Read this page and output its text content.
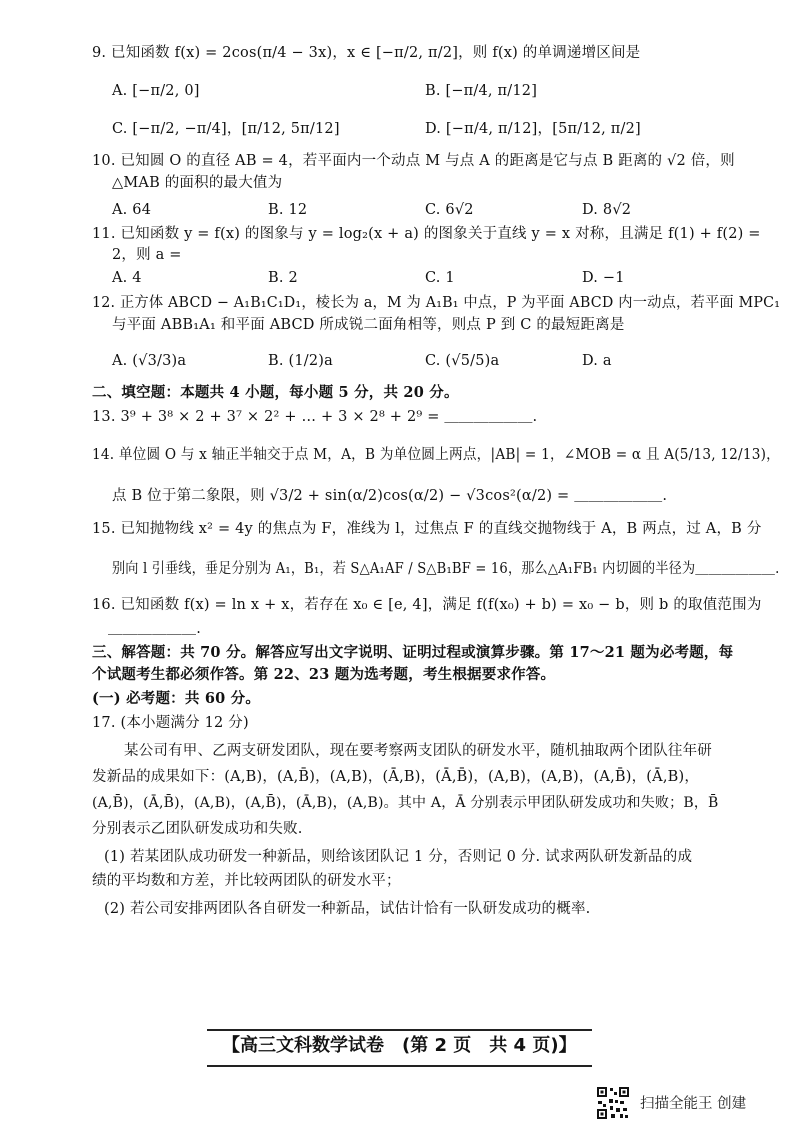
9. 已知函数 f(x) = 2cos(π/4 − 3x)，x ∈ [−π/2, π/2]，则 f(x) 的单调递增区间是
A. [−π/2, 0]	B. [−π/4, π/12]
C. [−π/2, −π/4]，[π/12, 5π/12]	D. [−π/4, π/12]，[5π/12, π/2]
10. 已知圆 O 的直径 AB = 4，若平面内一个动点 M 与点 A 的距离是它与点 B 距离的 √2 倍，则
△MAB 的面积的最大值为
A. 64	B. 12	C. 6√2	D. 8√2
11. 已知函数 y = f(x) 的图象与 y = log₂(x + a) 的图象关于直线 y = x 对称，且满足 f(1) + f(2) =
2，则 a =
A. 4	B. 2	C. 1	D. −1
12. 正方体 ABCD − A₁B₁C₁D₁，棱长为 a，M 为 A₁B₁ 中点，P 为平面 ABCD 内一动点，若平面 MPC₁
与平面 ABB₁A₁ 和平面 ABCD 所成锐二面角相等，则点 P 到 C 的最短距离是
A. (√3/3)a	B. (1/2)a	C. (√5/5)a	D. a
二、填空题：本题共 4 小题，每小题 5 分，共 20 分。
13. 3⁹ + 3⁸ × 2 + 3⁷ × 2² + … + 3 × 2⁸ + 2⁹ = ＿＿＿＿＿＿.
14. 单位圆 O 与 x 轴正半轴交于点 M，A，B 为单位圆上两点，|AB| = 1，∠MOB = α 且 A(5/13, 12/13)，
点 B 位于第二象限，则 √3/2 + sin(α/2)cos(α/2) − √3cos²(α/2) = ＿＿＿＿＿＿.
15. 已知抛物线 x² = 4y 的焦点为 F，准线为 l，过焦点 F 的直线交抛物线于 A，B 两点，过 A，B 分
别向 l 引垂线，垂足分别为 A₁，B₁，若 S△A₁AF / S△B₁BF = 16，那么△A₁FB₁ 内切圆的半径为＿＿＿＿＿＿.
16. 已知函数 f(x) = ln x + x，若存在 x₀ ∈ [e, 4]，满足 f(f(x₀) + b) = x₀ − b，则 b 的取值范围为
＿＿＿＿＿＿.
三、解答题：共 70 分。解答应写出文字说明、证明过程或演算步骤。第 17～21 题为必考题，每
个试题考生都必须作答。第 22、23 题为选考题，考生根据要求作答。
(一) 必考题：共 60 分。
17. (本小题满分 12 分)
某公司有甲、乙两支研发团队，现在要考察两支团队的研发水平，随机抽取两个团队往年研
发新品的成果如下：(A,B)，(A,B̄)，(A,B)，(Ā,B)，(Ā,B̄)，(A,B)，(A,B)，(A,B̄)，(Ā,B)，
(A,B̄)，(Ā,B̄)，(A,B)，(A,B̄)，(Ā,B)，(A,B)。其中 A，Ā 分别表示甲团队研发成功和失败；B，B̄
分别表示乙团队研发成功和失败.
(1) 若某团队成功研发一种新品，则给该团队记 1 分，否则记 0 分. 试求两队研发新品的成
绩的平均数和方差，并比较两团队的研发水平；
(2) 若公司安排两团队各自研发一种新品，试估计恰有一队研发成功的概率.
【高三文科数学试卷　(第 2 页　共 4 页)】
扫描全能王 创建
